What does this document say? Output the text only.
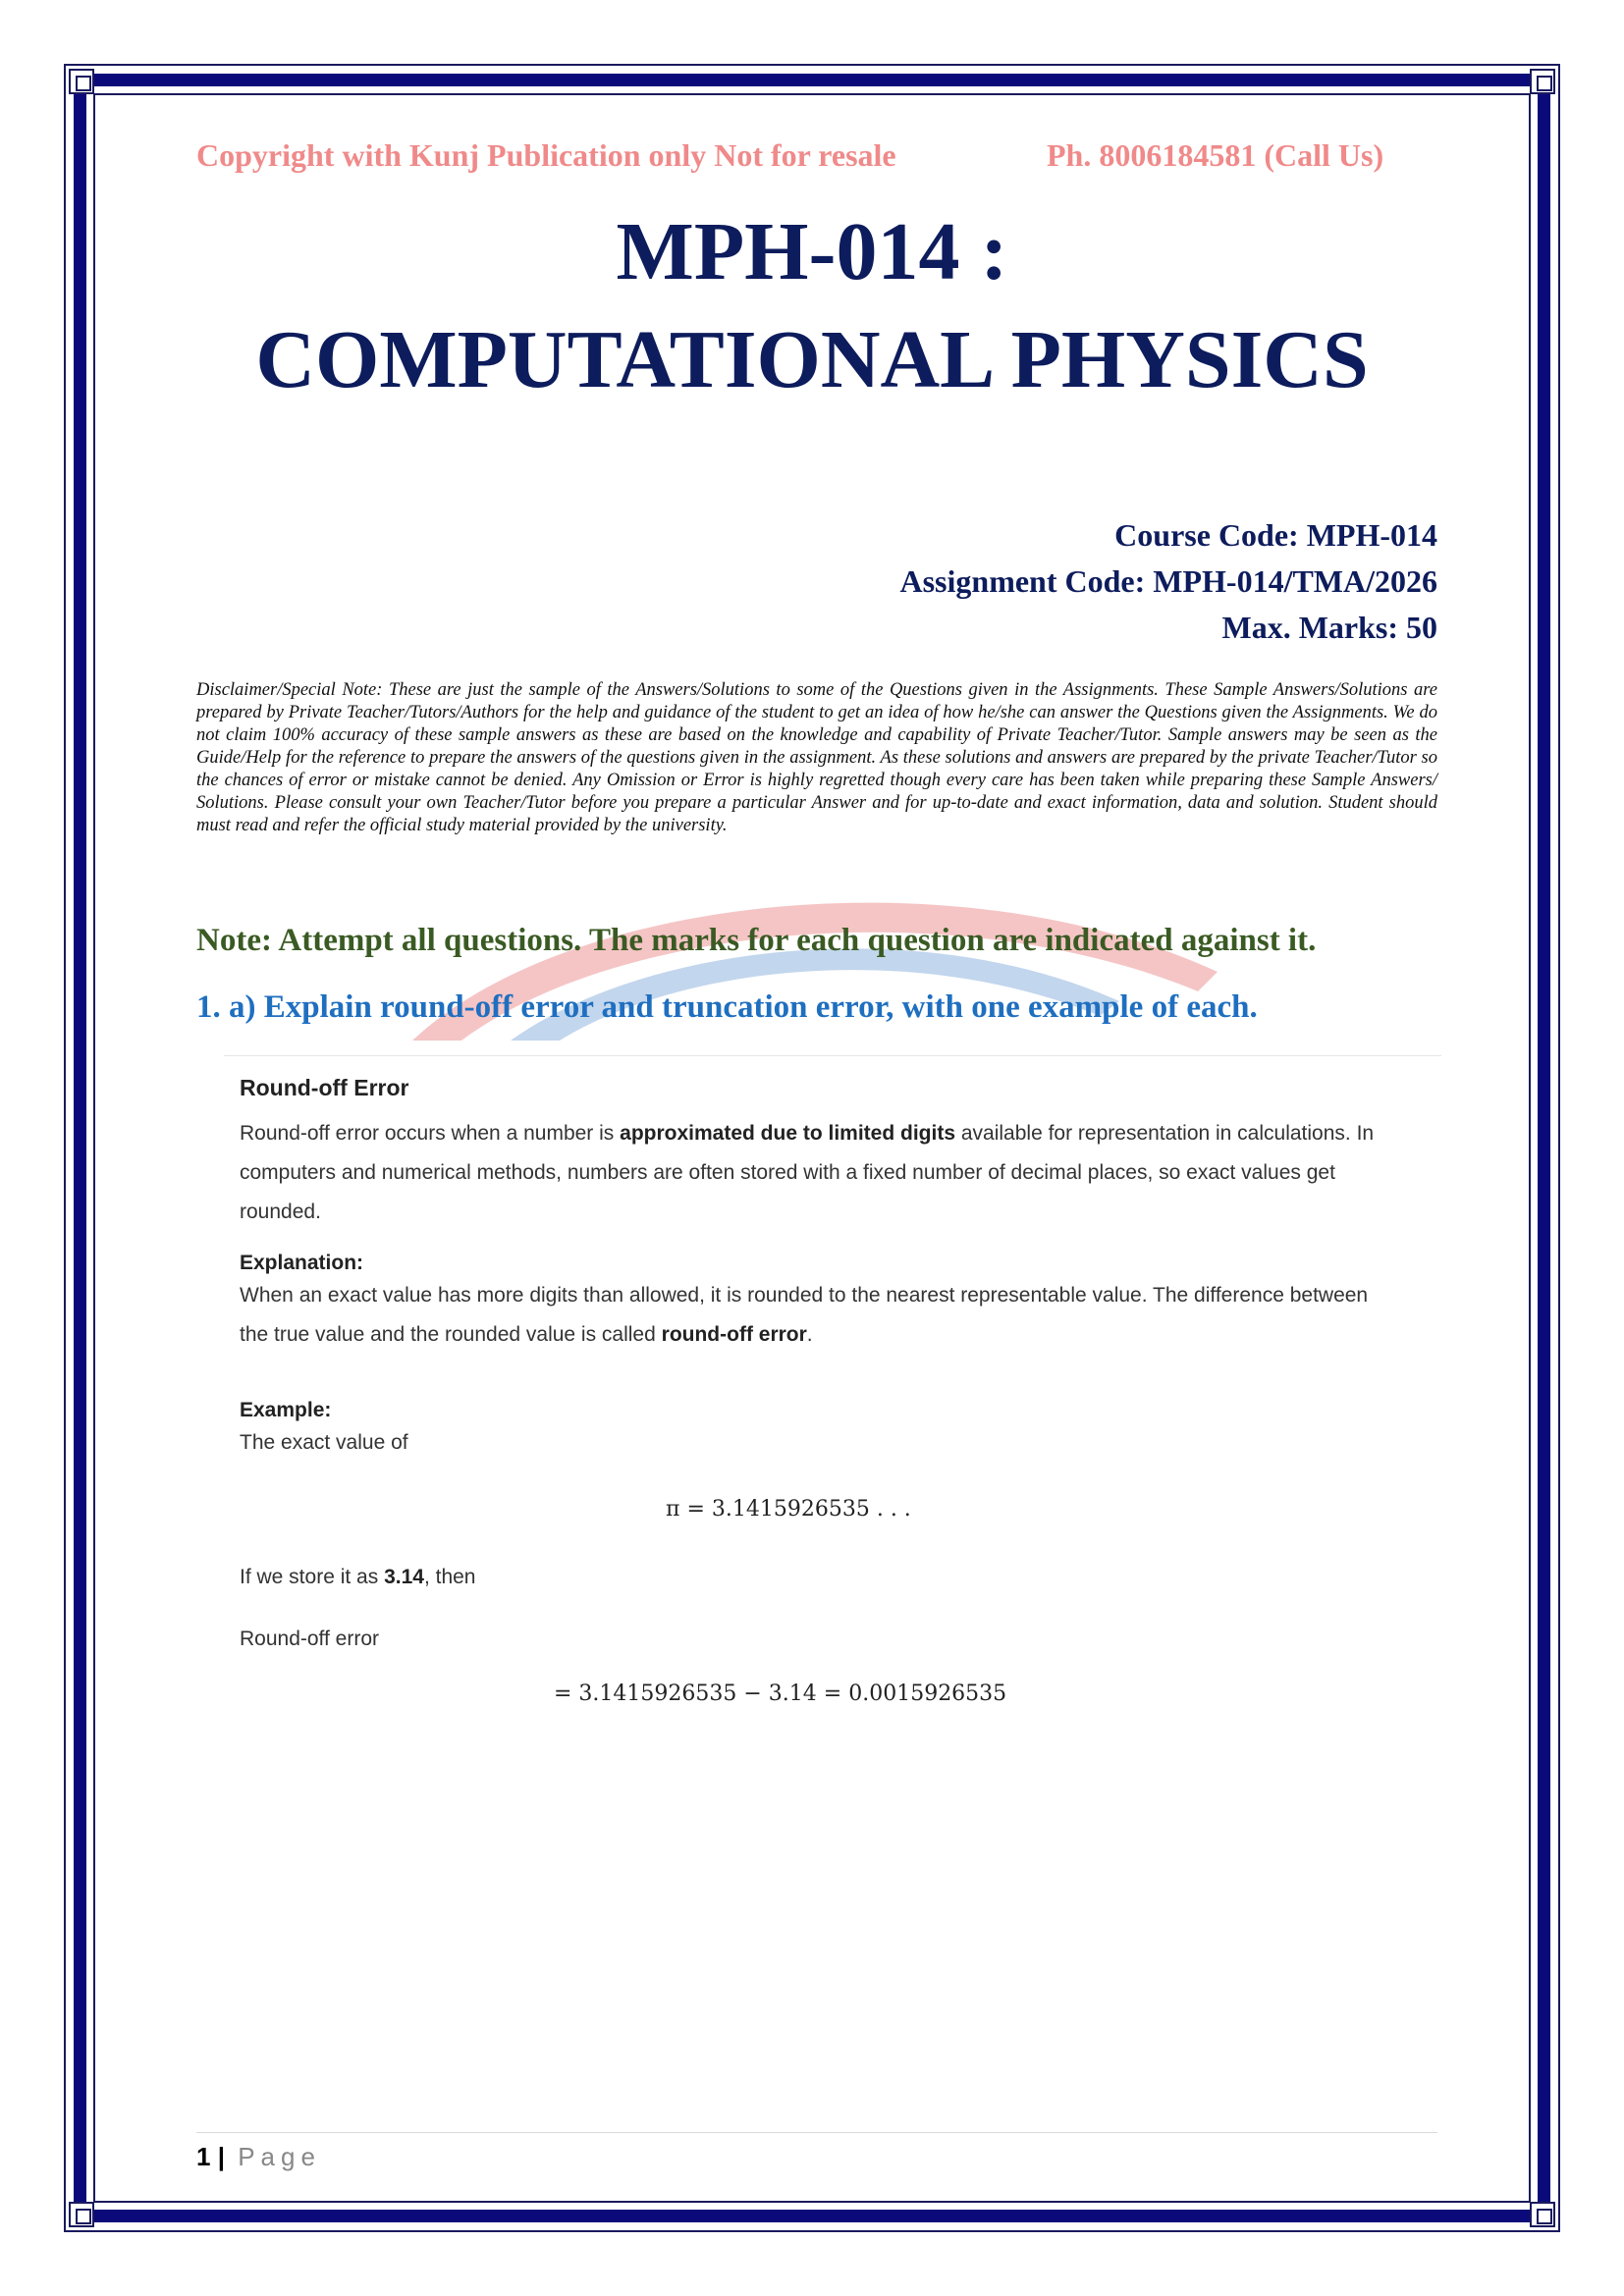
Copyright with Kunj Publication only Not for resale	Ph. 8006184581 (Call Us)
MPH-014 :
COMPUTATIONAL PHYSICS
Course Code: MPH-014
Assignment Code: MPH-014/TMA/2026
Max. Marks: 50
Disclaimer/Special Note: These are just the sample of the Answers/Solutions to some of the Questions given in the Assignments. These Sample Answers/Solutions are prepared by Private Teacher/Tutors/Authors for the help and guidance of the student to get an idea of how he/she can answer the Questions given the Assignments. We do not claim 100% accuracy of these sample answers as these are based on the knowledge and capability of Private Teacher/Tutor. Sample answers may be seen as the Guide/Help for the reference to prepare the answers of the questions given in the assignment. As these solutions and answers are prepared by the private Teacher/Tutor so the chances of error or mistake cannot be denied. Any Omission or Error is highly regretted though every care has been taken while preparing these Sample Answers/ Solutions. Please consult your own Teacher/Tutor before you prepare a particular Answer and for up-to-date and exact information, data and solution. Student should must read and refer the official study material provided by the university.
Note: Attempt all questions. The marks for each question are indicated against it.
1. a) Explain round-off error and truncation error, with one example of each.
Round-off Error
Round-off error occurs when a number is approximated due to limited digits available for representation in calculations. In computers and numerical methods, numbers are often stored with a fixed number of decimal places, so exact values get rounded.
Explanation:
When an exact value has more digits than allowed, it is rounded to the nearest representable value. The difference between the true value and the rounded value is called round-off error.
Example:
The exact value of
π = 3.1415926535 . . .
If we store it as 3.14, then
Round-off error
= 3.1415926535 − 3.14 = 0.0015926535
1 | Page
